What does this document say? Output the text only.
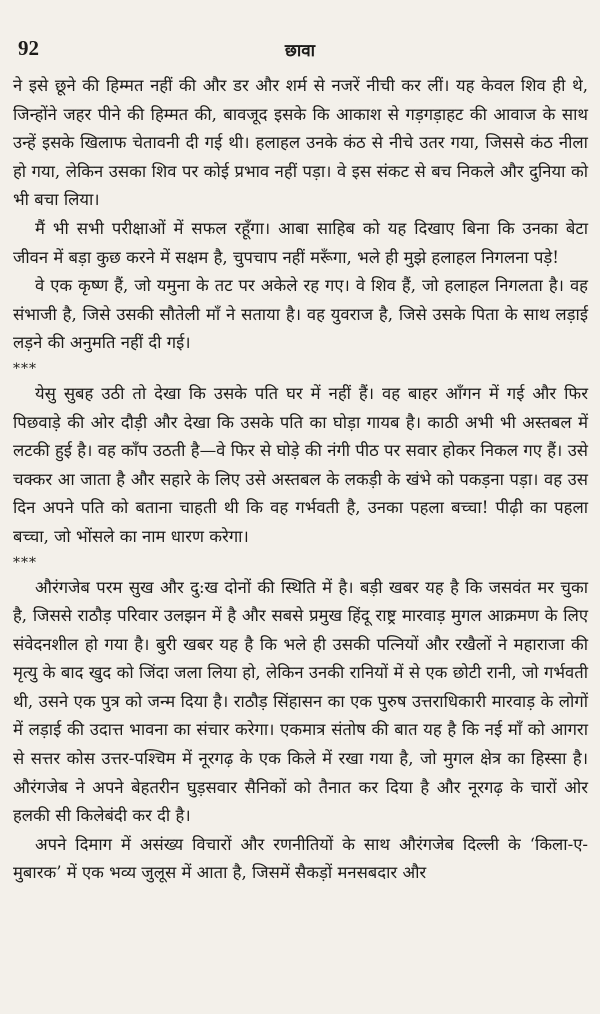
92	छावा

ने इसे छूने की हिम्मत नहीं की और डर और शर्म से नजरें नीची कर लीं। यह केवल शिव ही थे, जिन्होंने जहर पीने की हिम्मत की, बावजूद इसके कि आकाश से गड़गड़ाहट की आवाज के साथ उन्हें इसके खिलाफ चेतावनी दी गई थी। हलाहल उनके कंठ से नीचे उतर गया, जिससे कंठ नीला हो गया, लेकिन उसका शिव पर कोई प्रभाव नहीं पड़ा। वे इस संकट से बच निकले और दुनिया को भी बचा लिया।

मैं भी सभी परीक्षाओं में सफल रहूँगा। आबा साहिब को यह दिखाए बिना कि उनका बेटा जीवन में बड़ा कुछ करने में सक्षम है, चुपचाप नहीं मरूँगा, भले ही मुझे हलाहल निगलना पड़े!

वे एक कृष्ण हैं, जो यमुना के तट पर अकेले रह गए। वे शिव हैं, जो हलाहल निगलता है। वह संभाजी है, जिसे उसकी सौतेली माँ ने सताया है। वह युवराज है, जिसे उसके पिता के साथ लड़ाई लड़ने की अनुमति नहीं दी गई।

***

येसु सुबह उठी तो देखा कि उसके पति घर में नहीं हैं। वह बाहर आँगन में गई और फिर पिछवाड़े की ओर दौड़ी और देखा कि उसके पति का घोड़ा गायब है। काठी अभी भी अस्तबल में लटकी हुई है। वह काँप उठती है—वे फिर से घोड़े की नंगी पीठ पर सवार होकर निकल गए हैं। उसे चक्कर आ जाता है और सहारे के लिए उसे अस्तबल के लकड़ी के खंभे को पकड़ना पड़ा। वह उस दिन अपने पति को बताना चाहती थी कि वह गर्भवती है, उनका पहला बच्चा! पीढ़ी का पहला बच्चा, जो भोंसले का नाम धारण करेगा।

***

औरंगजेब परम सुख और दु:ख दोनों की स्थिति में है। बड़ी खबर यह है कि जसवंत मर चुका है, जिससे राठौड़ परिवार उलझन में है और सबसे प्रमुख हिंदू राष्ट्र मारवाड़ मुगल आक्रमण के लिए संवेदनशील हो गया है। बुरी खबर यह है कि भले ही उसकी पत्नियों और रखैलों ने महाराजा की मृत्यु के बाद खुद को जिंदा जला लिया हो, लेकिन उनकी रानियों में से एक छोटी रानी, जो गर्भवती थी, उसने एक पुत्र को जन्म दिया है। राठौड़ सिंहासन का एक पुरुष उत्तराधिकारी मारवाड़ के लोगों में लड़ाई की उदात्त भावना का संचार करेगा। एकमात्र संतोष की बात यह है कि नई माँ को आगरा से सत्तर कोस उत्तर-पश्चिम में नूरगढ़ के एक किले में रखा गया है, जो मुगल क्षेत्र का हिस्सा है। औरंगजेब ने अपने बेहतरीन घुड़सवार सैनिकों को तैनात कर दिया है और नूरगढ़ के चारों ओर हलकी सी किलेबंदी कर दी है।

अपने दिमाग में असंख्य विचारों और रणनीतियों के साथ औरंगजेब दिल्ली के ‘किला-ए-मुबारक’ में एक भव्य जुलूस में आता है, जिसमें सैकड़ों मनसबदार और
